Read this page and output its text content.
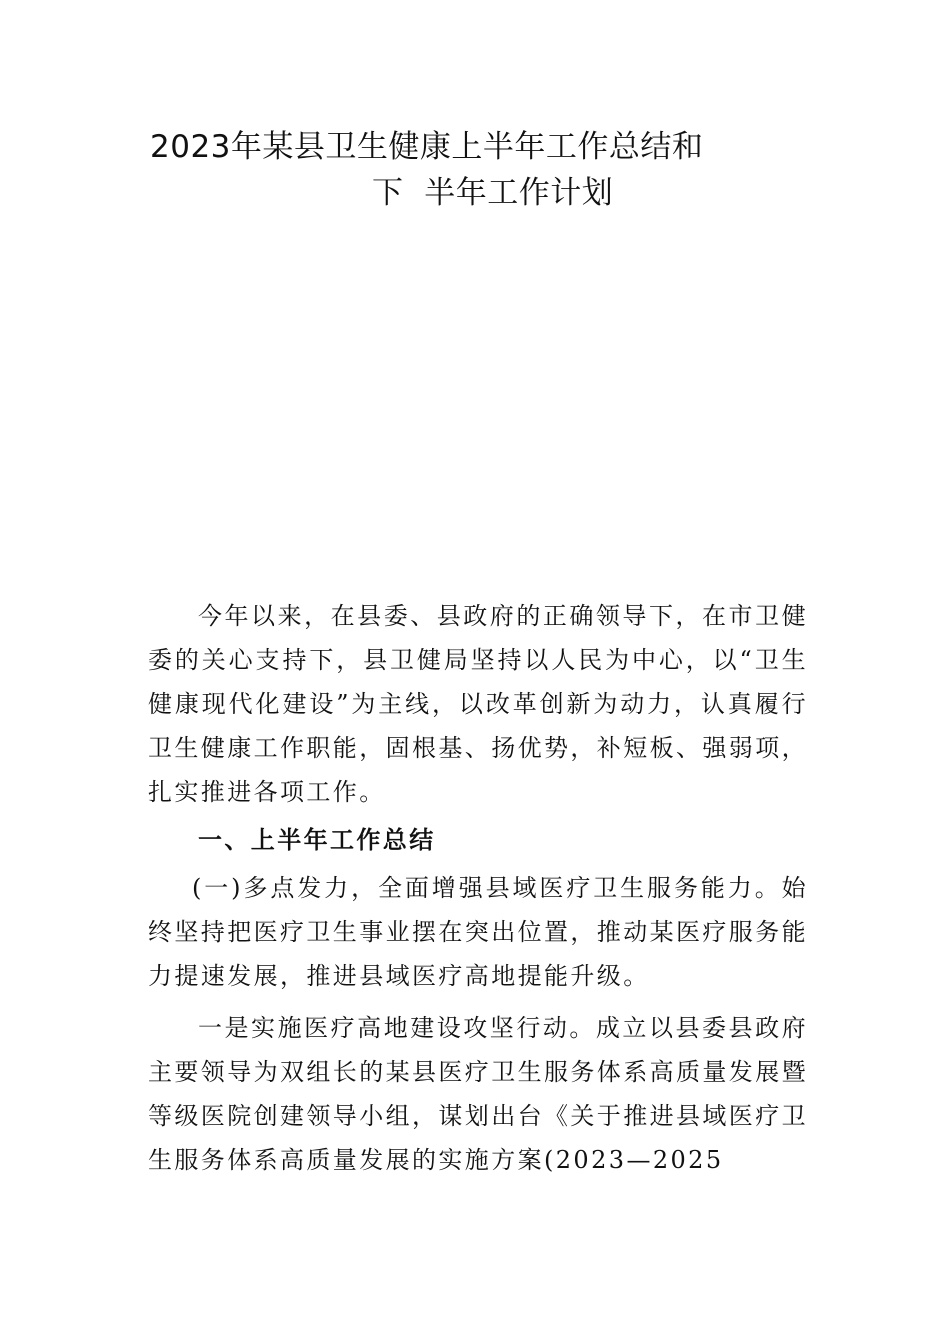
2023年某县卫生健康上半年工作总结和
下  半年工作计划

今年以来，在县委、县政府的正确领导下，在市卫健委的关心支持下，县卫健局坚持以人民为中心，以“卫生健康现代化建设”为主线，以改革创新为动力，认真履行卫生健康工作职能，固根基、扬优势，补短板、强弱项，扎实推进各项工作。

一、上半年工作总结

(一)多点发力，全面增强县域医疗卫生服务能力。始终坚持把医疗卫生事业摆在突出位置，推动某医疗服务能力提速发展，推进县域医疗高地提能升级。

一是实施医疗高地建设攻坚行动。成立以县委县政府主要领导为双组长的某县医疗卫生服务体系高质量发展暨等级医院创建领导小组，谋划出台《关于推进县域医疗卫生服务体系高质量发展的实施方案(2023—2025
